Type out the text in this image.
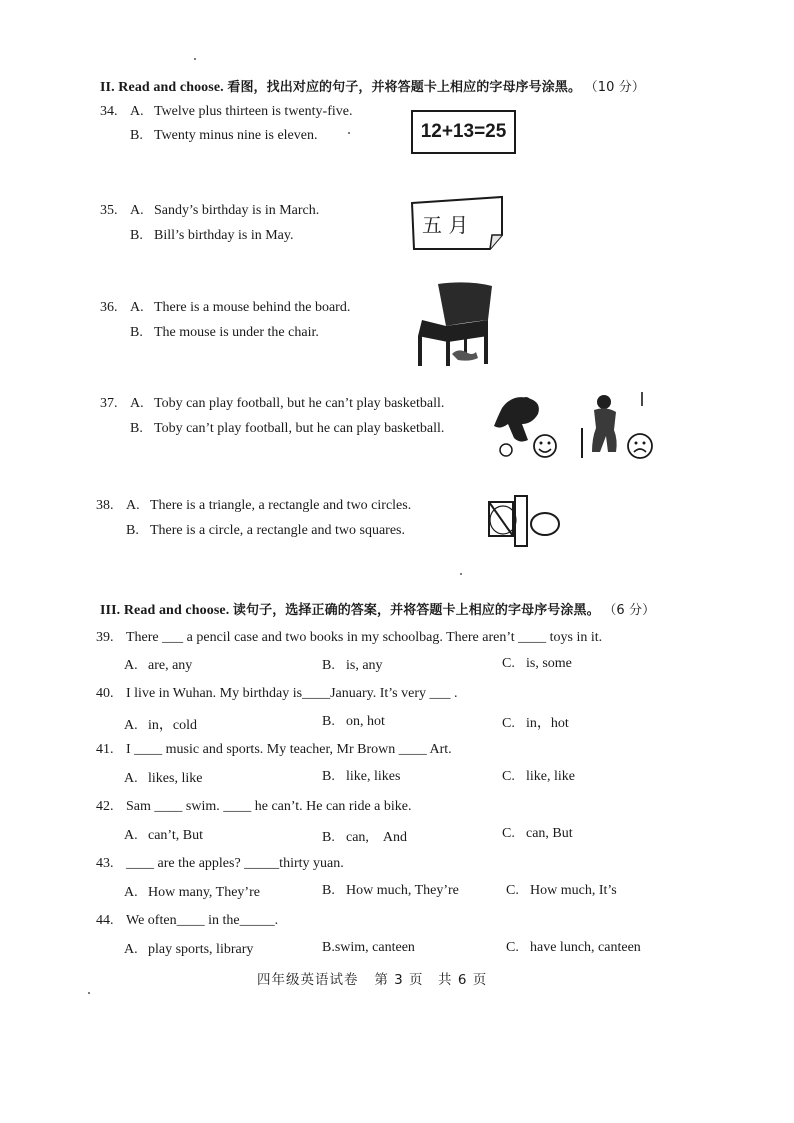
II. Read and choose. 看图，找出对应的句子，并将答题卡上相应的字母序号涂黑。 （10 分）
34. A. Twelve plus thirteen is twenty-five.
B. Twenty minus nine is eleven.	12+13=25
35. A. Sandy’s birthday is in March.
B. Bill’s birthday is in May.	五 月
36. A. There is a mouse behind the board.
B. The mouse is under the chair.
37. A. Toby can play football, but he can’t play basketball.
B. Toby can’t play football, but he can play basketball.
38. A. There is a triangle, a rectangle and two circles.
B. There is a circle, a rectangle and two squares.
III. Read and choose. 读句子，选择正确的答案，并将答题卡上相应的字母序号涂黑。 （6 分）
39. There ___ a pencil case and two books in my schoolbag. There aren’t ____ toys in it.
A. are, any	B. is, any	C. is, some
40. I live in Wuhan. My birthday is____January. It’s very ___ .
A. in，cold	B. on, hot	C. in，hot
41. I ____ music and sports. My teacher, Mr Brown ____ Art.
A. likes, like	B. like, likes	C. like, like
42. Sam ____ swim. ____ he can’t. He can ride a bike.
A. can’t, But	B. can,　And	C. can, But
43. ____ are the apples? _____thirty yuan.
A. How many, They’re	B. How much, They’re	C. How much, It’s
44. We often____ in the_____.
A. play sports, library	B.swim, canteen	C. have lunch, canteen
四年级英语试卷 第 3 页　共 6 页
